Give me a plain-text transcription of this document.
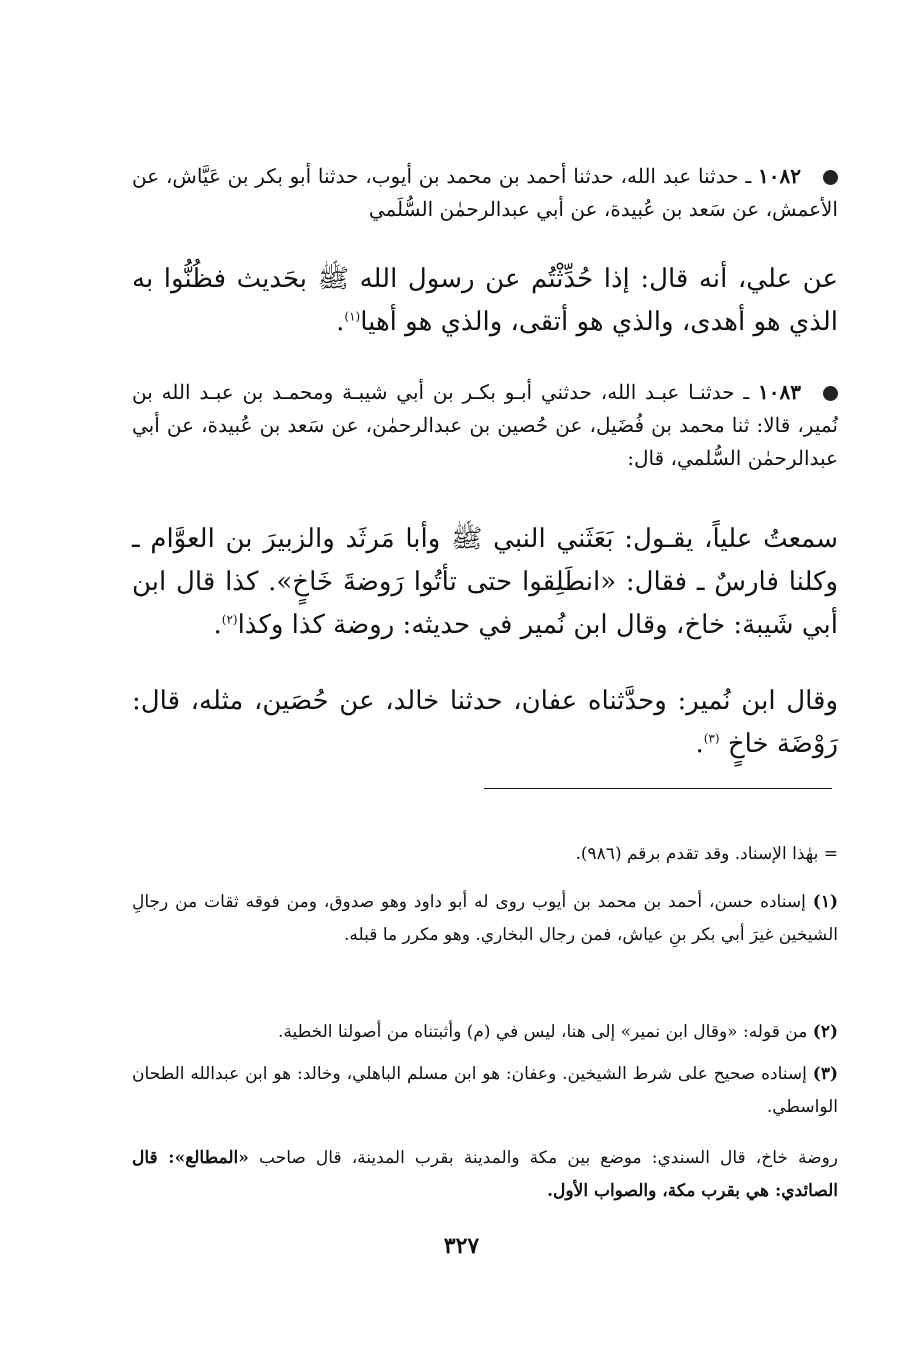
١٠٨٢ ـ حدثنا عبد الله، حدثنا أحمد بن محمد بن أيوب، حدثنا أبو بكر بن عَيَّاش، عن الأعمش، عن سَعد بن عُبيدة، عن أبي عبدالرحمٰن السُّلَمي
عن علي، أنه قال: إذا حُدِّثْتُم عن رسول الله ﷺ بحَديث فظُنُّوا به الذي هو أهدى، والذي هو أتقى، والذي هو أهيا$^{(١)}$.
١٠٨٣ ـ حدثنـا عبـد الله، حدثني أبـو بكـر بن أبي شيبـة ومحمـد بن عبـد الله بن نُمير، قالا: ثنا محمد بن فُضَيل، عن حُصين بن عبدالرحمٰن، عن سَعد بن عُبيدة، عن أبي عبدالرحمٰن السُّلمي، قال:
سمعتُ علياً، يقـول: بَعَثَني النبي ﷺ وأبا مَرثَد والزبيرَ بن العوَّام ـ وكلنا فارسٌ ـ فقال: «انطَلِقوا حتى تأتُوا رَوضةَ خَاخٍ». كذا قال ابن أبي شَيبة: خاخ، وقال ابن نُمير في حديثه: روضة كذا وكذا$^{(٢)}$.
وقال ابن نُمير: وحدَّثناه عفان، حدثنا خالد، عن حُصَين، مثله، قال: رَوْضَة خاخٍ $^{(٣)}$.
= بهٰذا الإسناد. وقد تقدم برقم (٩٨٦).
(١) إسناده حسن، أحمد بن محمد بن أيوب روى له أبو داود وهو صدوق، ومن فوقه ثقات من رجالِ الشيخين غيرَ أبي بكر بنِ عياش، فمن رجال البخاري. وهو مكرر ما قبله.
(٢) من قوله: «وقال ابن نمير» إلى هنا، ليس في (م) وأثبتناه من أصولنا الخطية.
(٣) إسناده صحيح على شرط الشيخين. وعفان: هو ابن مسلم الباهلي، وخالد: هو ابن عبدالله الطحان الواسطي.
روضة خاخ، قال السندي: موضع بين مكة والمدينة بقرب المدينة، قال صاحب «المطالع»: قال الصائدي: هي بقرب مكة، والصواب الأول.
٣٢٧
